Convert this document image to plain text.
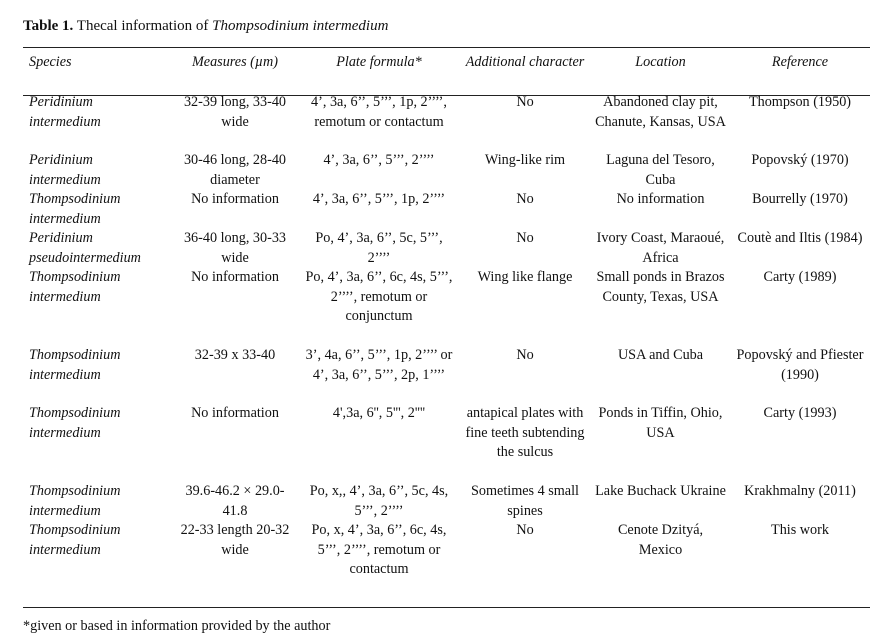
Table 1. Thecal information of Thompsodinium intermedium
Species	Measures (µm)	Plate formula*	Additional character	Location	Reference
Peridinium intermedium	32-39 long, 33-40 wide	4’, 3a, 6’’, 5’’’, 1p, 2’’’’, remotum or contactum	No	Abandoned clay pit, Chanute, Kansas, USA	Thompson (1950)
Peridinium intermedium	30-46 long, 28-40 diameter	4’, 3a, 6’’, 5’’’, 2’’’’	Wing-like rim	Laguna del Tesoro, Cuba	Popovský (1970)
Thompsodinium intermedium	No information	4’, 3a, 6’’, 5’’’, 1p, 2’’’’	No	No information	Bourrelly (1970)
Peridinium pseudointermedium	36-40 long, 30-33 wide	Po, 4’, 3a, 6’’, 5c, 5’’’, 2’’’’	No	Ivory Coast, Maraoué, Africa	Coutè and Iltis (1984)
Thompsodinium intermedium	No information	Po, 4’, 3a, 6’’, 6c, 4s, 5’’’, 2’’’’, remotum or conjunctum	Wing like flange	Small ponds in Brazos County, Texas, USA	Carty (1989)
Thompsodinium intermedium	32-39 x 33-40	3’, 4a, 6’’, 5’’’, 1p, 2’’’’ or 4’, 3a, 6’’, 5’’’, 2p, 1’’’’	No	USA and Cuba	Popovský and Pfiester (1990)
Thompsodinium intermedium	No information	4',3a, 6'', 5''', 2''''	antapical plates with fine teeth subtending the sulcus	Ponds in Tiffin, Ohio, USA	Carty (1993)
Thompsodinium intermedium	39.6-46.2 × 29.0-41.8	Po, x,, 4’, 3a, 6’’, 5c, 4s, 5’’’, 2’’’’	Sometimes 4 small spines	Lake Buchack Ukraine	Krakhmalny (2011)
Thompsodinium intermedium	22-33 length 20-32 wide	Po, x, 4’, 3a, 6’’, 6c, 4s, 5’’’, 2’’’’, remotum or contactum	No	Cenote Dzityá, Mexico	This work
*given or based in information provided by the author
